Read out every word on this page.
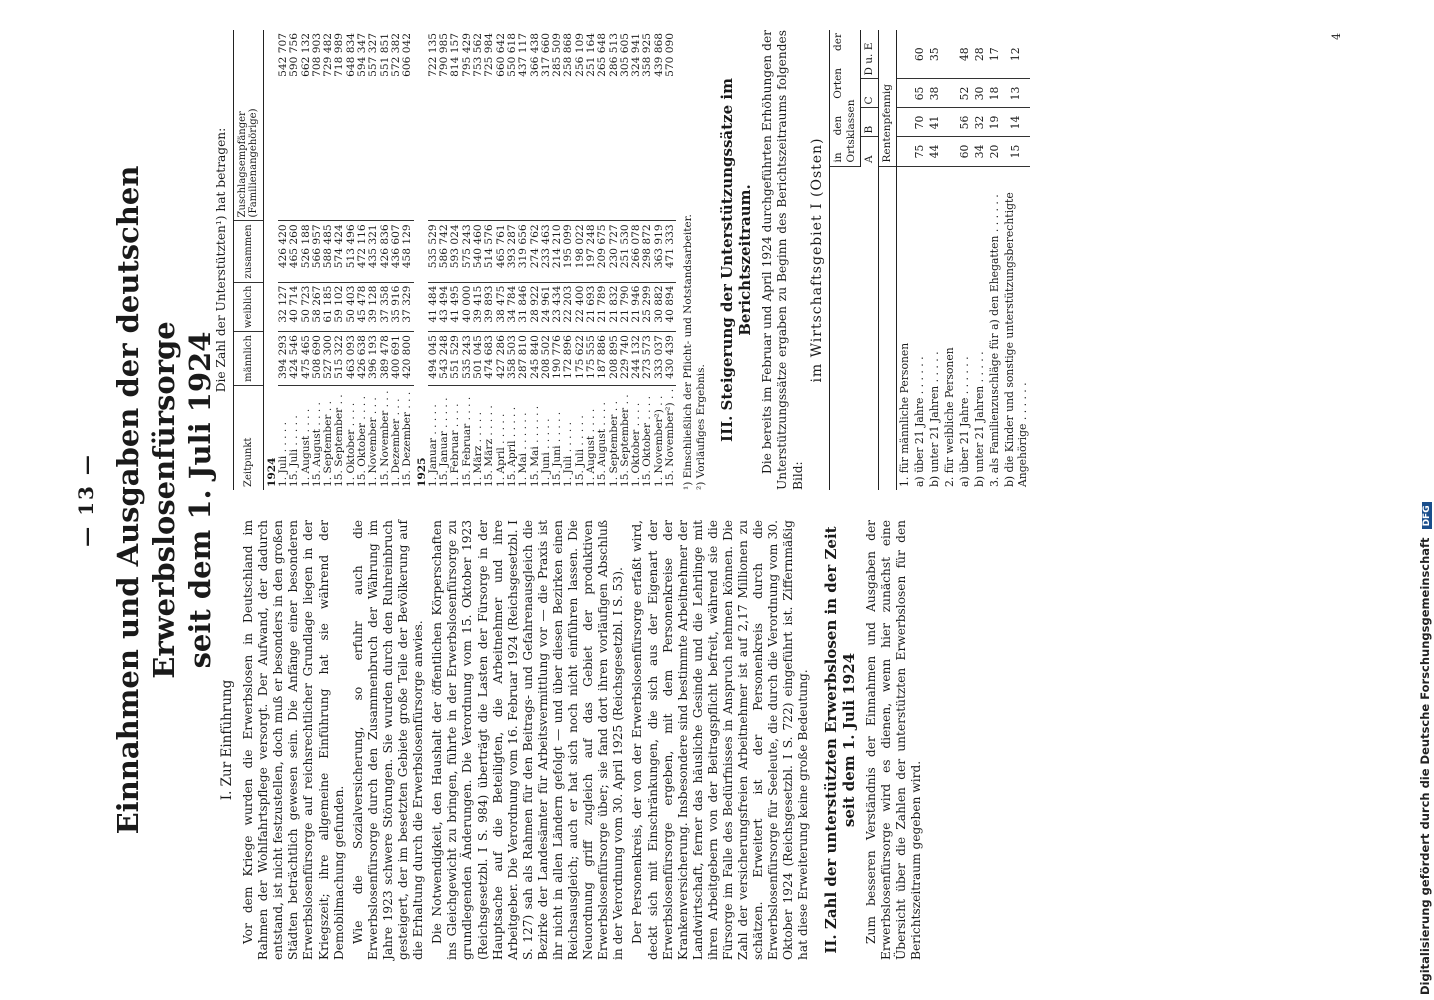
— 13 — Einnahmen und Ausgaben der deutschen Erwerbslosenfürsorge seit dem 1. Juli 1924
I. Zur Einführung Vor dem Kriege wurden die Erwerbslosen in Deutschland im Rahmen der Wohlfahrtspflege versorgt. Der Aufwand, der dadurch entstand, ist nicht festzustellen, doch muß er besonders in den großen Städten beträchtlich gewesen sein. Die Anfänge einer besonderen Erwerbslosenfürsorge auf reichsrechtlicher Grundlage liegen in der Kriegszeit; ihre allgemeine Einführung hat sie während der Demobilmachung gefunden. Wie die Sozialversicherung, so erfuhr auch die Erwerbslosenfürsorge durch den Zusammenbruch der Währung im Jahre 1923 schwere Störungen. Sie wurden durch den Ruhreinbruch gesteigert, der im besetzten Gebiete große Teile der Bevölkerung auf die Erhaltung durch die Erwerbslosenfürsorge anwies. Die Notwendigkeit, den Haushalt der öffentlichen Körperschaften ins Gleichgewicht zu bringen, führte in der Erwerbslosenfürsorge zu grundlegenden Änderungen. Die Verordnung vom 15. Oktober 1923 (Reichsgesetzbl. I S. 984) überträgt die Lasten der Fürsorge in der Hauptsache auf die Beteiligten, die Arbeitnehmer und ihre Arbeitgeber. Die Verordnung vom 16. Februar 1924 (Reichsgesetzbl. I S. 127) sah als Rahmen für den Beitrags- und Gefahrenausgleich die Bezirke der Landesämter für Arbeitsvermittlung vor — die Praxis ist ihr nicht in allen Ländern gefolgt — und über diesen Bezirken einen Reichsausgleich; auch er hat sich noch nicht einführen lassen. Die Neuordnung griff zugleich auf das Gebiet der produktiven Erwerbslosenfürsorge über; sie fand dort ihren vorläufigen Abschluß in der Verordnung vom 30. April 1925 (Reichsgesetzbl. I S. 53). Der Personenkreis, der von der Erwerbslosenfürsorge erfaßt wird, deckt sich mit Einschränkungen, die sich aus der Eigenart der Erwerbslosenfürsorge ergeben, mit dem Personenkreise der Krankenversicherung. Insbesondere sind bestimmte Arbeitnehmer der Landwirtschaft, ferner das häusliche Gesinde und die Lehrlinge mit ihren Arbeitgebern von der Beitragspflicht befreit, während sie die Fürsorge im Falle des Bedürfnisses in Anspruch nehmen können. Die Zahl der versicherungsfreien Arbeitnehmer ist auf 2,17 Millionen zu schätzen. Erweitert ist der Personenkreis durch die Erwerbslosenfürsorge für Seeleute, die durch die Verordnung vom 30. Oktober 1924 (Reichsgesetzbl. I S. 722) eingeführt ist. Ziffernmäßig hat diese Erweiterung keine große Bedeutung. II. Zahl der unterstützten Erwerbslosen in der Zeit seit dem 1. Juli 1924 Zum besseren Verständnis der Einnahmen und Ausgaben der Erwerbslosenfürsorge wird es dienen, wenn hier zunächst eine Übersicht über die Zahlen der unterstützten Erwerbslosen für den Berichtszeitraum gegeben wird.

Die Zahl der Unterstützten¹) hat betragen:

Zeitpunkt	männlich	weiblich	zusammen	Zuschlagsempfänger (Familienangehörige)
1924				
1. Juli . . . . .	394 293	32 127	426 420	542 707
15. Juli . . . . .	424 546	40 714	465 260	590 756
1. August . . . .	475 465	50 723	526 188	662 132
15. August . . . .	508 690	58 267	566 957	708 903
1. September . .	527 300	61 185	588 485	729 482
15. September . .	515 322	59 102	574 424	718 989
1. Oktober . . . .	463 093	50 403	513 496	648 834
15. Oktober . . . .	426 638	45 478	472 116	594 347
1. November . . .	396 193	39 128	435 321	557 327
15. November . . .	389 478	37 358	426 836	551 851
1. Dezember . . .	400 691	35 916	436 607	572 382
15. Dezember . . .	420 800	37 329	458 129	606 042
1925				
1. Januar . . . . .	494 045	41 484	535 529	722 135
15. Januar . . . . .	543 248	43 494	586 742	790 985
1. Februar . . . .	551 529	41 495	593 024	814 157
15. Februar . . . .	535 243	40 000	575 243	795 429
1. März . . . . .	501 045	39 415	540 460	753 562
15. März . . . . .	474 683	39 893	514 576	725 984
1. April . . . . .	427 286	38 475	465 761	660 642
15. April . . . . .	358 503	34 784	393 287	550 618
1. Mai . . . . . .	287 810	31 846	319 656	437 117
15. Mai . . . . . .	245 840	28 922	274 762	366 438
1. Juni . . . . .	208 502	24 961	233 463	317 660
15. Juni . . . . .	190 776	23 434	214 210	285 509
1. Juli . . . . .	172 896	22 203	195 099	258 868
15. Juli . . . . .	175 622	22 400	198 022	256 109
1. August . . . .	175 555	21 693	197 248	251 164
15. August . . . .	187 886	21 789	209 675	265 648
1. September . .	208 895	21 832	230 727	286 513
15. September . .	229 740	21 790	251 530	305 605
1. Oktober . . . .	244 132	21 946	266 078	324 941
15. Oktober . . . .	273 573	25 299	298 872	358 925
1. November²) . .	333 037	30 882	363 919	439 868
15. November²) . .	430 439	40 894	471 333	570 090
¹) Einschließlich der Pflicht- und Notstandsarbeiter. ²) Vorläufiges Ergebnis. III. Steigerung der Unterstützungssätze im Berichtszeitraum. Die bereits im Februar und April 1924 durchgeführten Erhöhungen der Unterstützungssätze ergaben zu Beginn des Berichtszeitraums folgendes Bild:

im Wirtschaftsgebiet I (Osten)

	in den Orten der Ortsklassen			
	A	B	C	D u. E
	Rentenpfennig			
1. für männliche Personen				
a) über 21 Jahre . . . . . .	75	70	65	60
b) unter 21 Jahren . . . . .	44	41	38	35
2. für weibliche Personen				
a) über 21 Jahre . . . . . .	60	56	52	48
b) unter 21 Jahren . . . . .	34	32	30	28
3. als Familienzuschläge für a) den Ehegatten . . . . . .	20	19	18	17
b) die Kinder und sonstige unterstützungsberechtigte Angehörige . . . . . .	15	14	13	12
4
Digitalisierung gefördert durch die Deutsche Forschungsgemeinschaft DFG
